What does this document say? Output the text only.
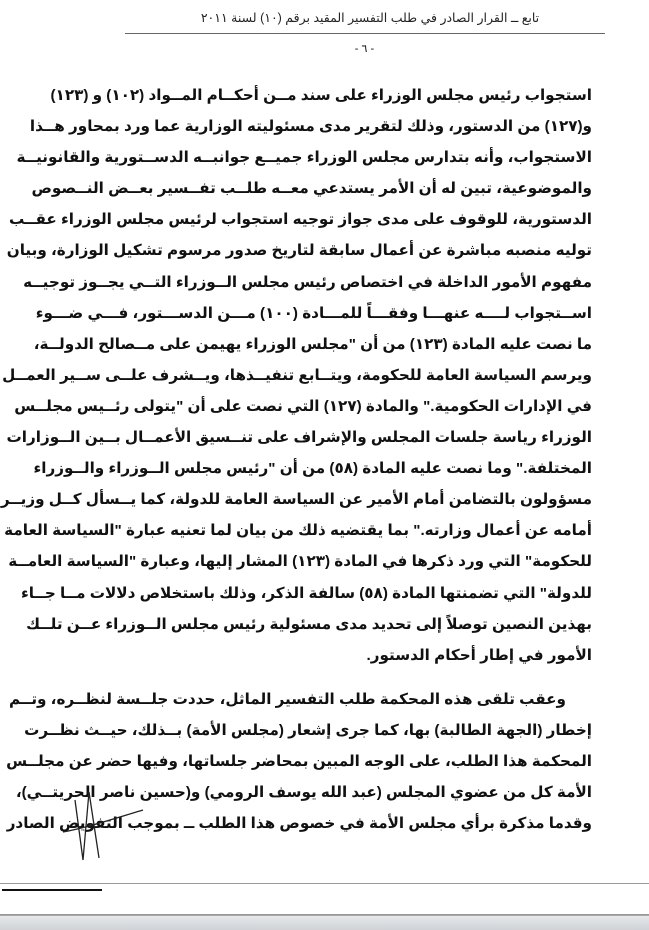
تابع ــ القرار الصادر في طلب التفسير المقيد برقم (١٠) لسنة ٢٠١١
- ٦ -
استجواب رئيس مجلس الوزراء على سند مــن أحكــام المــواد (١٠٢) و (١٢٣)
و(١٢٧) من الدستور، وذلك لتقرير مدى مسئوليته الوزارية عما ورد بمحاور هــذا
الاستجواب، وأنه بتدارس مجلس الوزراء جميــع جوانبــه الدســتورية والقانونيــة
والموضوعية، تبين له أن الأمر يستدعي معــه طلــب تفــسير بعــض النــصوص
الدستورية، للوقوف على مدى جواز توجيه استجواب لرئيس مجلس الوزراء عقــب
توليه منصبه مباشرة عن أعمال سابقة لتاريخ صدور مرسوم تشكيل الوزارة، وبيان
مفهوم الأمور الداخلة في اختصاص رئيس مجلس الــوزراء التــي يجــوز توجيــه
اســتجواب لــــه عنهـــا وفقـــاً للمـــادة (١٠٠) مـــن الدســـتور، فـــي ضـــوء
ما نصت عليه المادة (١٢٣) من أن "مجلس الوزراء يهيمن على مــصالح الدولــة،
ويرسم السياسة العامة للحكومة، ويتــابع تنفيــذها، ويــشرف علــى ســير العمــل
في الإدارات الحكومية." والمادة (١٢٧) التي نصت على أن "يتولى رئــيس مجلــس
الوزراء رياسة جلسات المجلس والإشراف على تنــسيق الأعمــال بــين الــوزارات
المختلفة." وما نصت عليه المادة (٥٨) من أن "رئيس مجلس الــوزراء والــوزراء
مسؤولون بالتضامن أمام الأمير عن السياسة العامة للدولة، كما يــسأل كــل وزيــر
أمامه عن أعمال وزارته." بما يقتضيه ذلك من بيان لما تعنيه عبارة "السياسة العامة
للحكومة" التي ورد ذكرها في المادة (١٢٣) المشار إليها، وعبارة "السياسة العامــة
للدولة" التي تضمنتها المادة (٥٨) سالفة الذكر، وذلك باستخلاص دلالات مــا جــاء
بهذين النصين توصلاً إلى تحديد مدى مسئولية رئيس مجلس الــوزراء عــن تلــك
الأمور في إطار أحكام الدستور.
وعقب تلقى هذه المحكمة طلب التفسير الماثل، حددت جلــسة لنظــره، وتــم
إخطار (الجهة الطالبة) بها، كما جرى إشعار (مجلس الأمة) بــذلك، حيــث نظــرت
المحكمة هذا الطلب، على الوجه المبين بمحاضر جلساتها، وفيها حضر عن مجلــس
الأمة كل من عضوي المجلس (عبد الله يوسف الرومي) و(حسين ناصر الحريتــي)،
وقدما مذكرة برأي مجلس الأمة في خصوص هذا الطلب ــ بموجب التفويض الصادر
